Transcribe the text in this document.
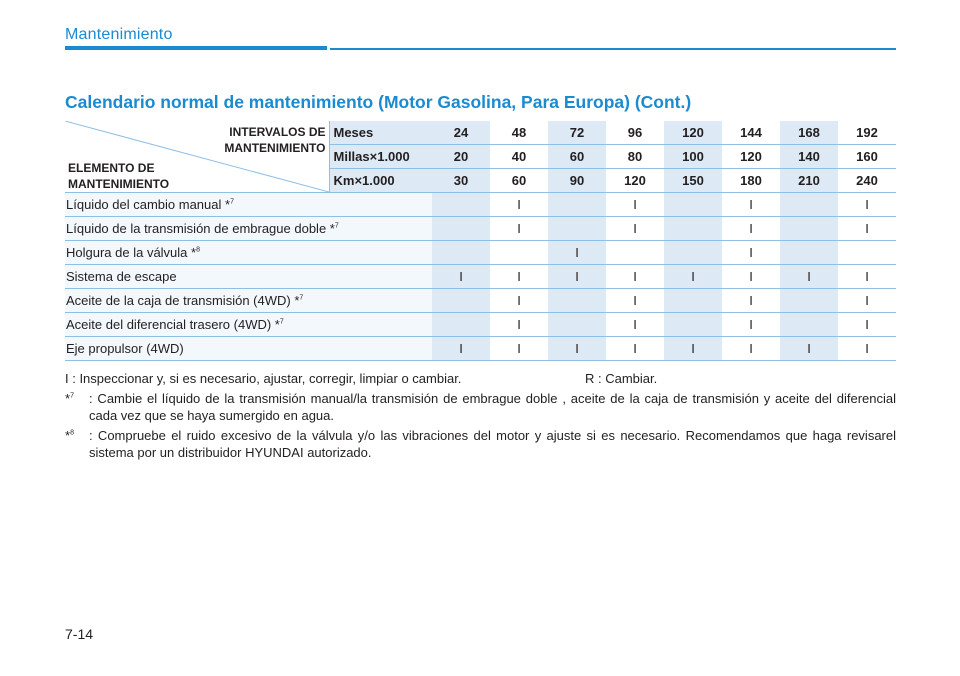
Mantenimiento
Calendario normal de mantenimiento (Motor Gasolina, Para Europa) (Cont.)
INTERVALOS DE
MANTENIMIENTO
ELEMENTO DE
MANTENIMIENTO	Meses	24	48	72	96	120	144	168	192
	Millas×1.000	20	40	60	80	100	120	140	160
	Km×1.000	30	60	90	120	150	180	210	240
Líquido del cambio manual *$^7$			I		I		I		I
Líquido de la transmisión de embrague doble *$^7$			I		I		I		I
Holgura de la válvula *$^8$				I			I		
Sistema de escape		I	I	I	I	I	I	I	I
Aceite de la caja de transmisión (4WD) *$^7$			I		I		I		I
Aceite del diferencial trasero (4WD) *$^7$			I		I		I		I
Eje propulsor (4WD)		I	I	I	I	I	I	I	I
I : Inspeccionar y, si es necesario, ajustar, corregir, limpiar o cambiar.	R : Cambiar.
*$^7$	: Cambie el líquido de la transmisión manual/la transmisión de embrague doble , aceite de la caja de transmisión y aceite del diferencial cada vez que se haya sumergido en agua.
*$^8$	: Compruebe el ruido excesivo de la válvula y/o las vibraciones del motor y ajuste si es necesario. Recomendamos que haga revisarel sistema por un distribuidor HYUNDAI autorizado.
7-14
